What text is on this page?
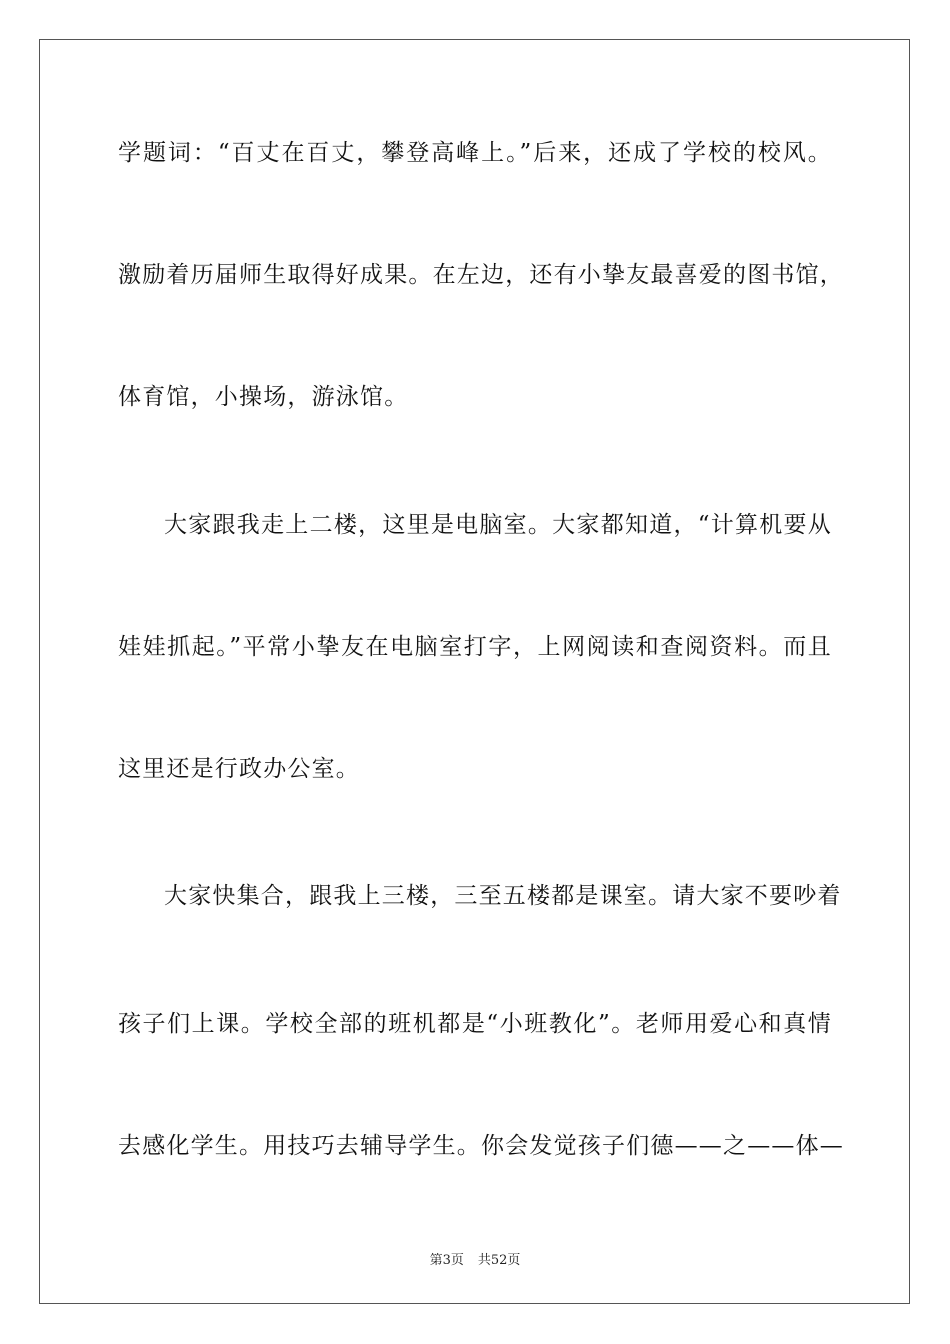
学题词：“百丈在百丈，攀登高峰上。”后来，还成了学校的校风。
激励着历届师生取得好成果。在左边，还有小挚友最喜爱的图书馆，
体育馆，小操场，游泳馆。
大家跟我走上二楼，这里是电脑室。大家都知道，“计算机要从
娃娃抓起。”平常小挚友在电脑室打字，上网阅读和查阅资料。而且
这里还是行政办公室。
大家快集合，跟我上三楼，三至五楼都是课室。请大家不要吵着
孩子们上课。学校全部的班机都是“小班教化”。老师用爱心和真情
去感化学生。用技巧去辅导学生。你会发觉孩子们德——之——体—
第3页 共52页
